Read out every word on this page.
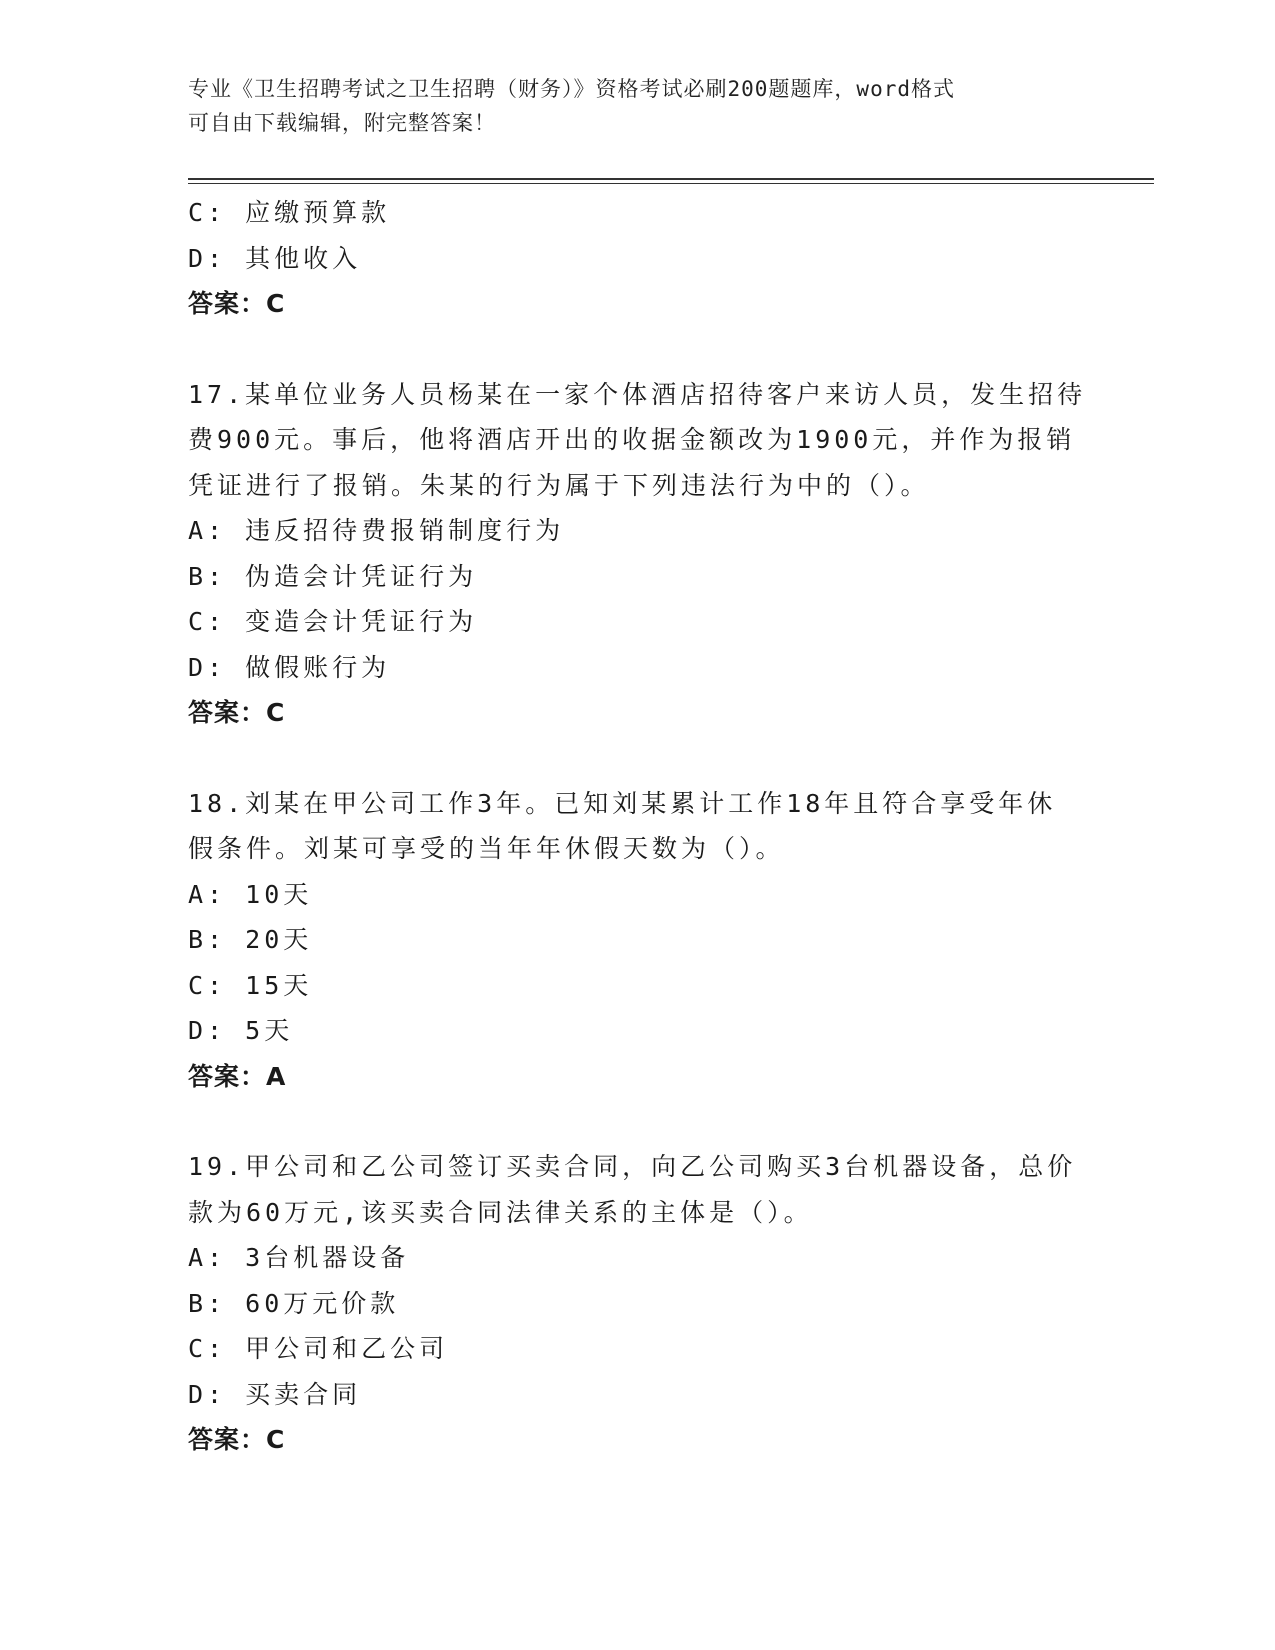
专业《卫生招聘考试之卫生招聘（财务）》资格考试必刷200题题库，word格式
可自由下载编辑，附完整答案！
C: 应缴预算款
D: 其他收入
答案：C
17.某单位业务人员杨某在一家个体酒店招待客户来访人员，发生招待
费900元。事后，他将酒店开出的收据金额改为1900元，并作为报销
凭证进行了报销。朱某的行为属于下列违法行为中的（）。
A: 违反招待费报销制度行为
B: 伪造会计凭证行为
C: 变造会计凭证行为
D: 做假账行为
答案：C
18.刘某在甲公司工作3年。已知刘某累计工作18年且符合享受年休
假条件。刘某可享受的当年年休假天数为（）。
A: 10天
B: 20天
C: 15天
D: 5天
答案：A
19.甲公司和乙公司签订买卖合同，向乙公司购买3台机器设备，总价
款为60万元,该买卖合同法律关系的主体是（）。
A: 3台机器设备
B: 60万元价款
C: 甲公司和乙公司
D: 买卖合同
答案：C
